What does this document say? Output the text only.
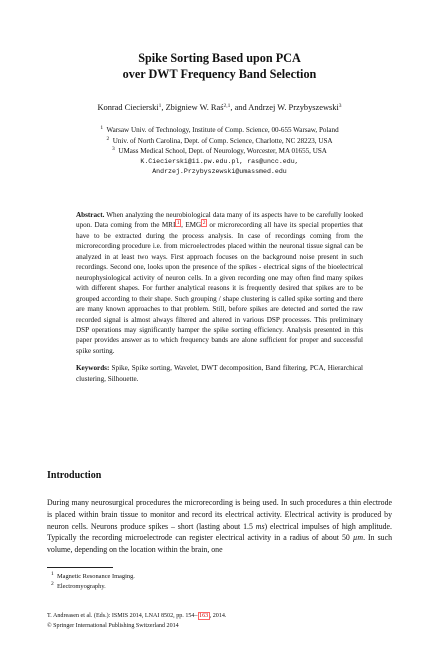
Spike Sorting Based upon PCA
over DWT Frequency Band Selection
Konrad Ciecierski$^1$, Zbigniew W. Raś$^{2,1}$, and Andrzej W. Przybyszewski$^3$
$^1$ Warsaw Univ. of Technology, Institute of Comp. Science, 00-655 Warsaw, Poland
$^2$ Univ. of North Carolina, Dept. of Comp. Science, Charlotte, NC 28223, USA
$^3$ UMass Medical School, Dept. of Neurology, Worcester, MA 01655, USA
K.Ciecierski@ii.pw.edu.pl, ras@uncc.edu,
Andrzej.Przybyszewski@umassmed.edu
Abstract. When analyzing the neurobiological data many of its aspects have to be carefully looked upon. Data coming from the MRI $^1$ , EMG $^2$ or microrecording all have its special properties that have to be extracted during the process analysis. In case of recordings coming from the microrecording procedure i.e. from microelectrodes placed within the neuronal tissue signal can be analyzed in at least two ways. First approach focuses on the background noise present in such recordings. Second one, looks upon the presence of the spikes - electrical signs of the bioelectrical neurophysiological activity of neuron cells. In a given recording one may often find many spikes with different shapes. For further analytical reasons it is frequently desired that spikes are to be grouped according to their shape. Such grouping / shape clustering is called spike sorting and there are many known approaches to that problem. Still, before spikes are detected and sorted the raw recorded signal is almost always filtered and altered in various DSP processes. This preliminary DSP operations may significantly hamper the spike sorting efficiency. Analysis presented in this paper provides answer as to which frequency bands are alone sufficient for proper and successful spike sorting.
Keywords: Spike, Spike sorting, Wavelet, DWT decomposition, Band filtering, PCA, Hierarchical clustering, Silhouette.
Introduction
During many neurosurgical procedures the microrecording is being used. In such procedures a thin electrode is placed within brain tissue to monitor and record its electrical activity. Electrical activity is produced by neuron cells. Neurons produce spikes – short (lasting about 1.5 ms) electrical impulses of high amplitude. Typically the recording microelectrode can register electrical activity in a radius of about 50 µm. In such volume, depending on the location within the brain, one
$^1$ Magnetic Resonance Imaging.
$^2$ Electromyography.
T. Andreasen et al. (Eds.): ISMIS 2014, LNAI 8502, pp. 154– 163 , 2014.
© Springer International Publishing Switzerland 2014
